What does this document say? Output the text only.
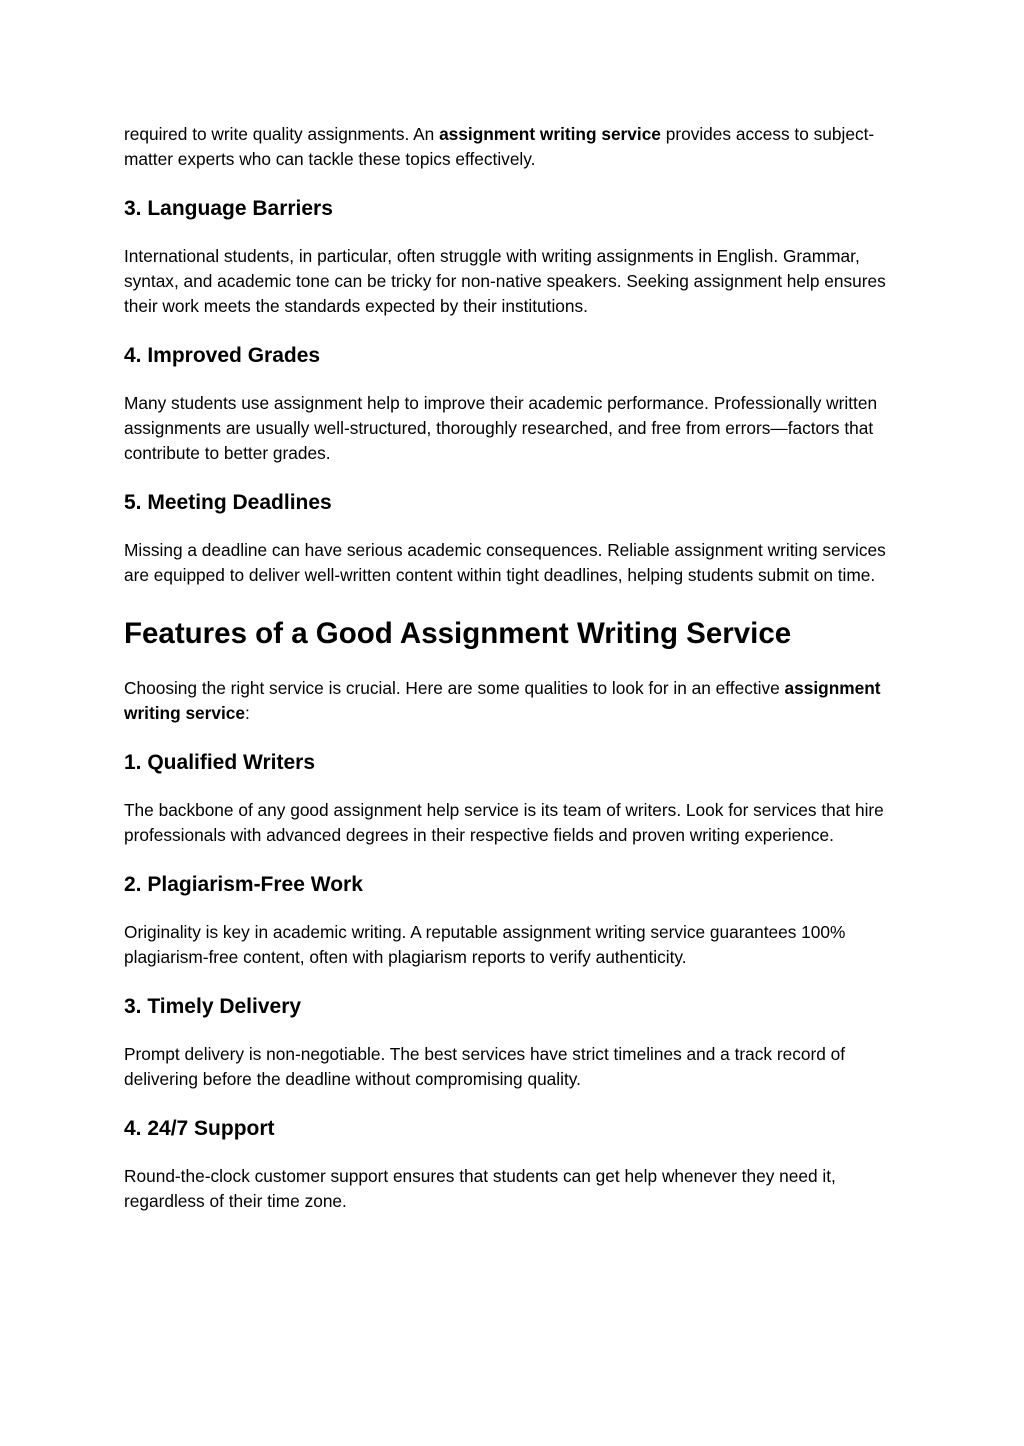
required to write quality assignments. An assignment writing service provides access to subject-matter experts who can tackle these topics effectively.

3. Language Barriers

International students, in particular, often struggle with writing assignments in English. Grammar, syntax, and academic tone can be tricky for non-native speakers. Seeking assignment help ensures their work meets the standards expected by their institutions.

4. Improved Grades

Many students use assignment help to improve their academic performance. Professionally written assignments are usually well-structured, thoroughly researched, and free from errors—factors that contribute to better grades.

5. Meeting Deadlines

Missing a deadline can have serious academic consequences. Reliable assignment writing services are equipped to deliver well-written content within tight deadlines, helping students submit on time.

Features of a Good Assignment Writing Service

Choosing the right service is crucial. Here are some qualities to look for in an effective assignment writing service:

1. Qualified Writers

The backbone of any good assignment help service is its team of writers. Look for services that hire professionals with advanced degrees in their respective fields and proven writing experience.

2. Plagiarism-Free Work

Originality is key in academic writing. A reputable assignment writing service guarantees 100% plagiarism-free content, often with plagiarism reports to verify authenticity.

3. Timely Delivery

Prompt delivery is non-negotiable. The best services have strict timelines and a track record of delivering before the deadline without compromising quality.

4. 24/7 Support

Round-the-clock customer support ensures that students can get help whenever they need it, regardless of their time zone.
